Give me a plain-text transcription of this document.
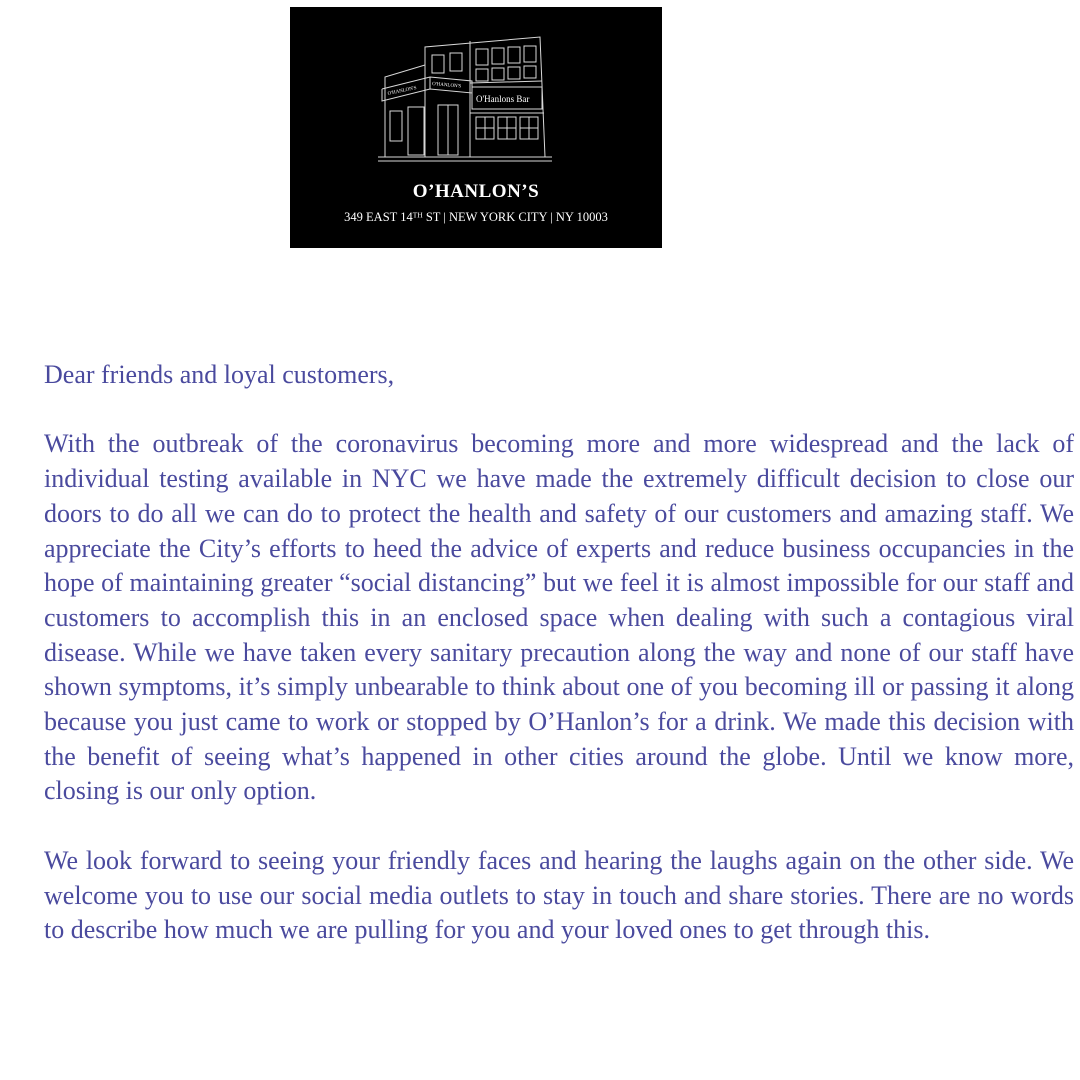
O'HANLON'S
O'HANLON'S
O'Hanlons Bar
O’HANLON’S
349 EAST 14ᵀᴴ ST | NEW YORK CITY | NY 10003

Dear friends and loyal customers,

With the outbreak of the coronavirus becoming more and more widespread and the lack of individual testing available in NYC we have made the extremely difficult decision to close our doors to do all we can do to protect the health and safety of our customers and amazing staff. We appreciate the City’s efforts to heed the advice of experts and reduce business occupancies in the hope of maintaining greater “social distancing” but we feel it is almost impossible for our staff and customers to accomplish this in an enclosed space when dealing with such a contagious viral disease. While we have taken every sanitary precaution along the way and none of our staff have shown symptoms, it’s simply unbearable to think about one of you becoming ill or passing it along because you just came to work or stopped by O’Hanlon’s for a drink. We made this decision with the benefit of seeing what’s happened in other cities around the globe. Until we know more, closing is our only option.

We look forward to seeing your friendly faces and hearing the laughs again on the other side. We welcome you to use our social media outlets to stay in touch and share stories. There are no words to describe how much we are pulling for you and your loved ones to get through this.
